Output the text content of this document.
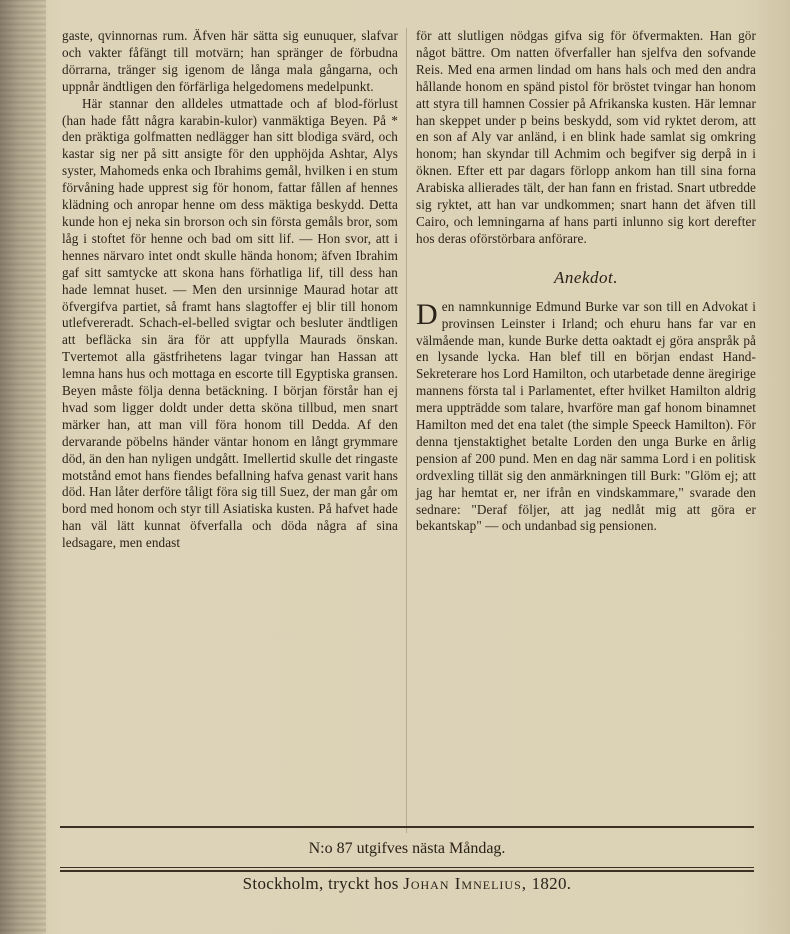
gaste, qvinnornas rum. Äfven här sätta sig eunuquer, slafvar och vakter fåfängt till motvärn; han spränger de förbudna dörrarna, tränger sig igenom de långa mala gångarna, och uppnår ändtligen den förfärliga helgedomens medelpunkt.

Här stannar den alldeles utmattade och af blod-förlust (han hade fått några karabin-kulor) vanmäktiga Beyen. På * den präktiga golfmatten nedlägger han sitt blodiga svärd, och kastar sig ner på sitt ansigte för den upphöjda Ashtar, Alys syster, Mahomeds enka och Ibrahims gemål, hvilken i en stum förvåning hade upprest sig för honom, fattar fållen af hennes klädning och anropar henne om dess mäktiga beskydd. Detta kunde hon ej neka sin brorson och sin första gemåls bror, som låg i stoftet för henne och bad om sitt lif. — Hon svor, att i hennes närvaro intet ondt skulle hända honom; äfven Ibrahim gaf sitt samtycke att skona hans förhatliga lif, till dess han hade lemnat huset. — Men den ursinnige Maurad hotar att öfvergifva partiet, så framt hans slagtoffer ej blir till honom utlefvereradt. Schach-el-belled svigtar och besluter ändtligen att befläcka sin ära för att uppfylla Maurads önskan. Tvertemot alla gästfrihetens lagar tvingar han Hassan att lemna hans hus och mottaga en escorte till Egyptiska gransen. Beyen måste följa denna betäckning. I början förstår han ej hvad som ligger doldt under detta sköna tillbud, men snart märker han, att man vill föra honom till Dedda. Af den dervarande pöbelns händer väntar honom en långt grymmare död, än den han nyligen undgått. Imellertid skulle det ringaste motstånd emot hans fiendes befallning hafva genast varit hans död. Han låter derföre tåligt föra sig till Suez, der man går om bord med honom och styr till Asiatiska kusten. På hafvet hade han väl lätt kunnat öfverfalla och döda några af sina ledsagare, men endast

för att slutligen nödgas gifva sig för öfvermakten. Han gör något bättre. Om natten öfverfaller han sjelfva den sofvande Reis. Med ena armen lindad om hans hals och med den andra hållande honom en spänd pistol för bröstet tvingar han honom att styra till hamnen Cossier på Afrikanska kusten. Här lemnar han skeppet under p beins beskydd, som vid ryktet derom, att en son af Aly var anländ, i en blink hade samlat sig omkring honom; han skyndar till Achmim och begifver sig derpå in i öknen. Efter ett par dagars förlopp ankom han till sina forna Arabiska allierades tält, der han fann en fristad. Snart utbredde sig ryktet, att han var undkommen; snart hann det äfven till Cairo, och lemningarna af hans parti inlunno sig kort derefter hos deras oförstörbara anförare.

Anekdot.

Den namnkunnige Edmund Burke var son till en Advokat i provinsen Leinster i Irland; och ehuru hans far var en välmående man, kunde Burke detta oaktadt ej göra anspråk på en lysande lycka. Han blef till en början endast Hand-Sekreterare hos Lord Hamilton, och utarbetade denne äregirige mannens första tal i Parlamentet, efter hvilket Hamilton aldrig mera uppträdde som talare, hvarföre man gaf honom binamnet Hamilton med det ena talet (the simple Speeck Hamilton). För denna tjenstaktighet betalte Lorden den unga Burke en årlig pension af 200 pund. Men en dag när samma Lord i en politisk ordvexling tillät sig den anmärkningen till Burk: "Glöm ej; att jag har hemtat er, ner ifrån en vindskammare," svarade den sednare: "Deraf följer, att jag nedlåt mig att göra er bekantskap" — och undanbad sig pensionen.

N:o 87 utgifves nästa Måndag.
Stockholm, tryckt hos Johan Imnelius, 1820.
